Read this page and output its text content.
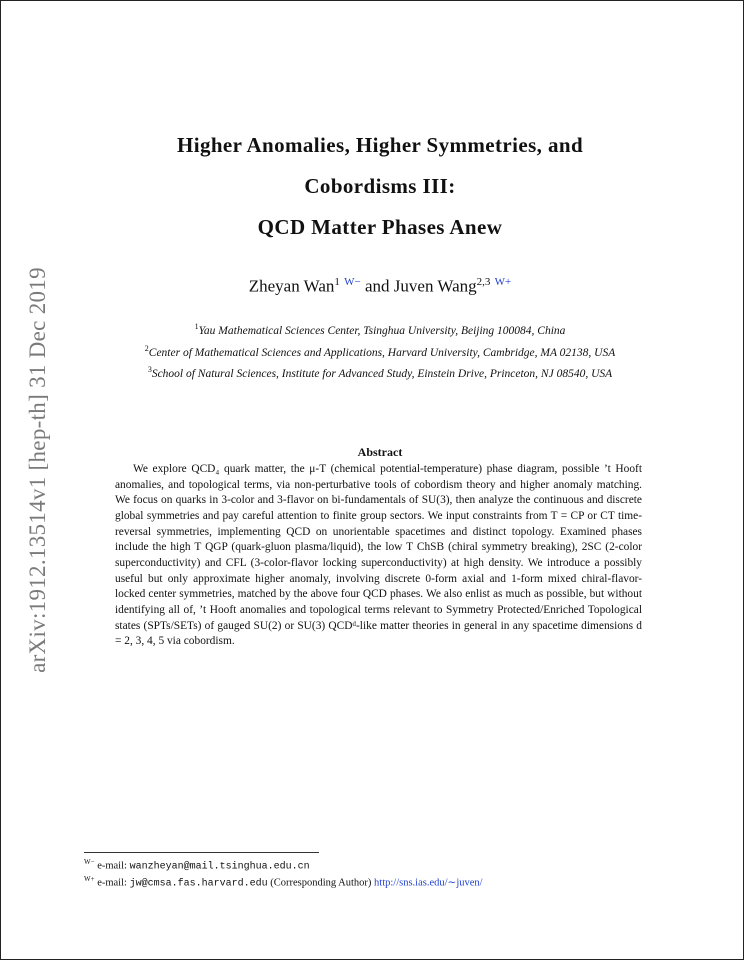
arXiv:1912.13514v1 [hep-th] 31 Dec 2019
Higher Anomalies, Higher Symmetries, and
Cobordisms III:
QCD Matter Phases Anew
Zheyan Wan$^1$ $^{W-}$ and Juven Wang$^{2,3}$ $^{W+}$
$^1$Yau Mathematical Sciences Center, Tsinghua University, Beijing 100084, China
$^2$Center of Mathematical Sciences and Applications, Harvard University, Cambridge, MA 02138, USA
$^3$School of Natural Sciences, Institute for Advanced Study, Einstein Drive, Princeton, NJ 08540, USA
Abstract

We explore QCD₄ quark matter, the μ-T (chemical potential-temperature) phase diagram, possible ’t Hooft anomalies, and topological terms, via non-perturbative tools of cobordism theory and higher anomaly matching. We focus on quarks in 3-color and 3-flavor on bi-fundamentals of SU(3), then analyze the continuous and discrete global symmetries and pay careful attention to finite group sectors. We input constraints from T = CP or CT time-reversal symmetries, implementing QCD on unorientable spacetimes and distinct topology. Examined phases include the high T QGP (quark-gluon plasma/liquid), the low T ChSB (chiral symmetry breaking), 2SC (2-color superconductivity) and CFL (3-color-flavor locking superconductivity) at high density. We introduce a possibly useful but only approximate higher anomaly, involving discrete 0-form axial and 1-form mixed chiral-flavor-locked center symmetries, matched by the above four QCD phases. We also enlist as much as possible, but without identifying all of, ’t Hooft anomalies and topological terms relevant to Symmetry Protected/Enriched Topological states (SPTs/SETs) of gauged SU(2) or SU(3) QCDᵈ-like matter theories in general in any spacetime dimensions d = 2, 3, 4, 5 via cobordism.

$^{W-}$ e-mail: wanzheyan@mail.tsinghua.edu.cn
$^{W+}$ e-mail: jw@cmsa.fas.harvard.edu (Corresponding Author) http://sns.ias.edu/∼juven/
